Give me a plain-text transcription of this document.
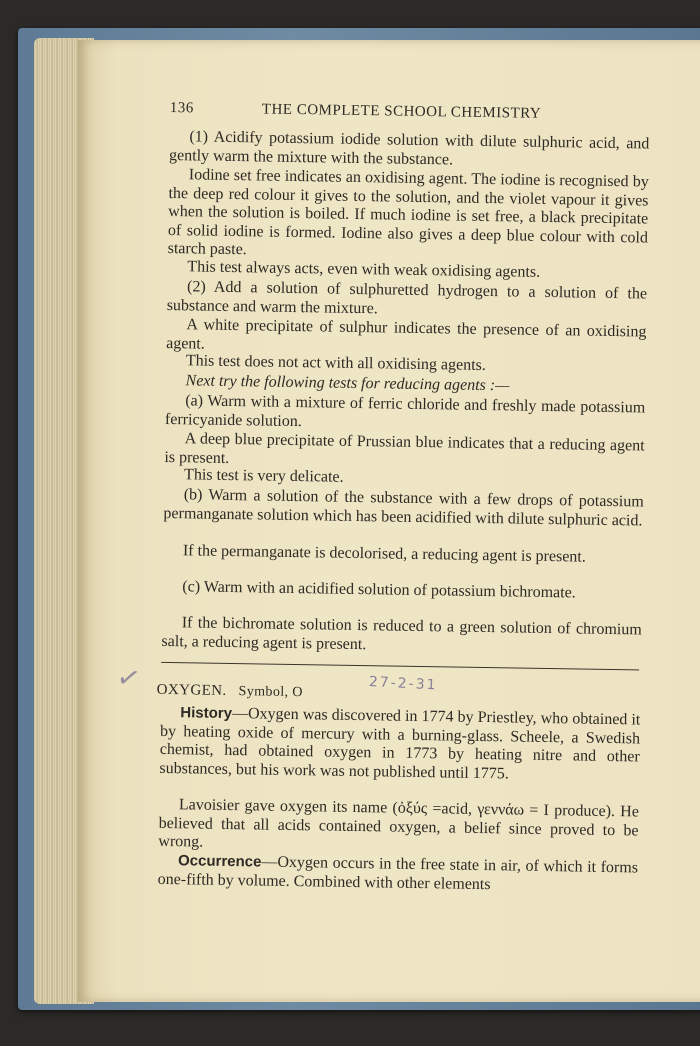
136	THE COMPLETE SCHOOL CHEMISTRY
(1) Acidify potassium iodide solution with dilute sulphuric acid, and gently warm the mixture with the substance.
Iodine set free indicates an oxidising agent. The iodine is recognised by the deep red colour it gives to the solution, and the violet vapour it gives when the solution is boiled. If much iodine is set free, a black precipitate of solid iodine is formed. Iodine also gives a deep blue colour with cold starch paste.
This test always acts, even with weak oxidising agents.
(2) Add a solution of sulphuretted hydrogen to a solution of the substance and warm the mixture.
A white precipitate of sulphur indicates the presence of an oxidising agent.
This test does not act with all oxidising agents.
Next try the following tests for reducing agents :—
(a) Warm with a mixture of ferric chloride and freshly made potassium ferricyanide solution.
A deep blue precipitate of Prussian blue indicates that a reducing agent is present.
This test is very delicate.
(b) Warm a solution of the substance with a few drops of potassium permanganate solution which has been acidified with dilute sulphuric acid.
If the permanganate is decolorised, a reducing agent is present.
(c) Warm with an acidified solution of potassium bichromate.
If the bichromate solution is reduced to a green solution of chromium salt, a reducing agent is present.
OXYGEN. Symbol, O	27-2-31
✓
History—Oxygen was discovered in 1774 by Priestley, who obtained it by heating oxide of mercury with a burning-glass. Scheele, a Swedish chemist, had obtained oxygen in 1773 by heating nitre and other substances, but his work was not published until 1775.
Lavoisier gave oxygen its name (ὀξύς =acid, γεννάω = I produce). He believed that all acids contained oxygen, a belief since proved to be wrong.
Occurrence—Oxygen occurs in the free state in air, of which it forms one-fifth by volume. Combined with other elements
